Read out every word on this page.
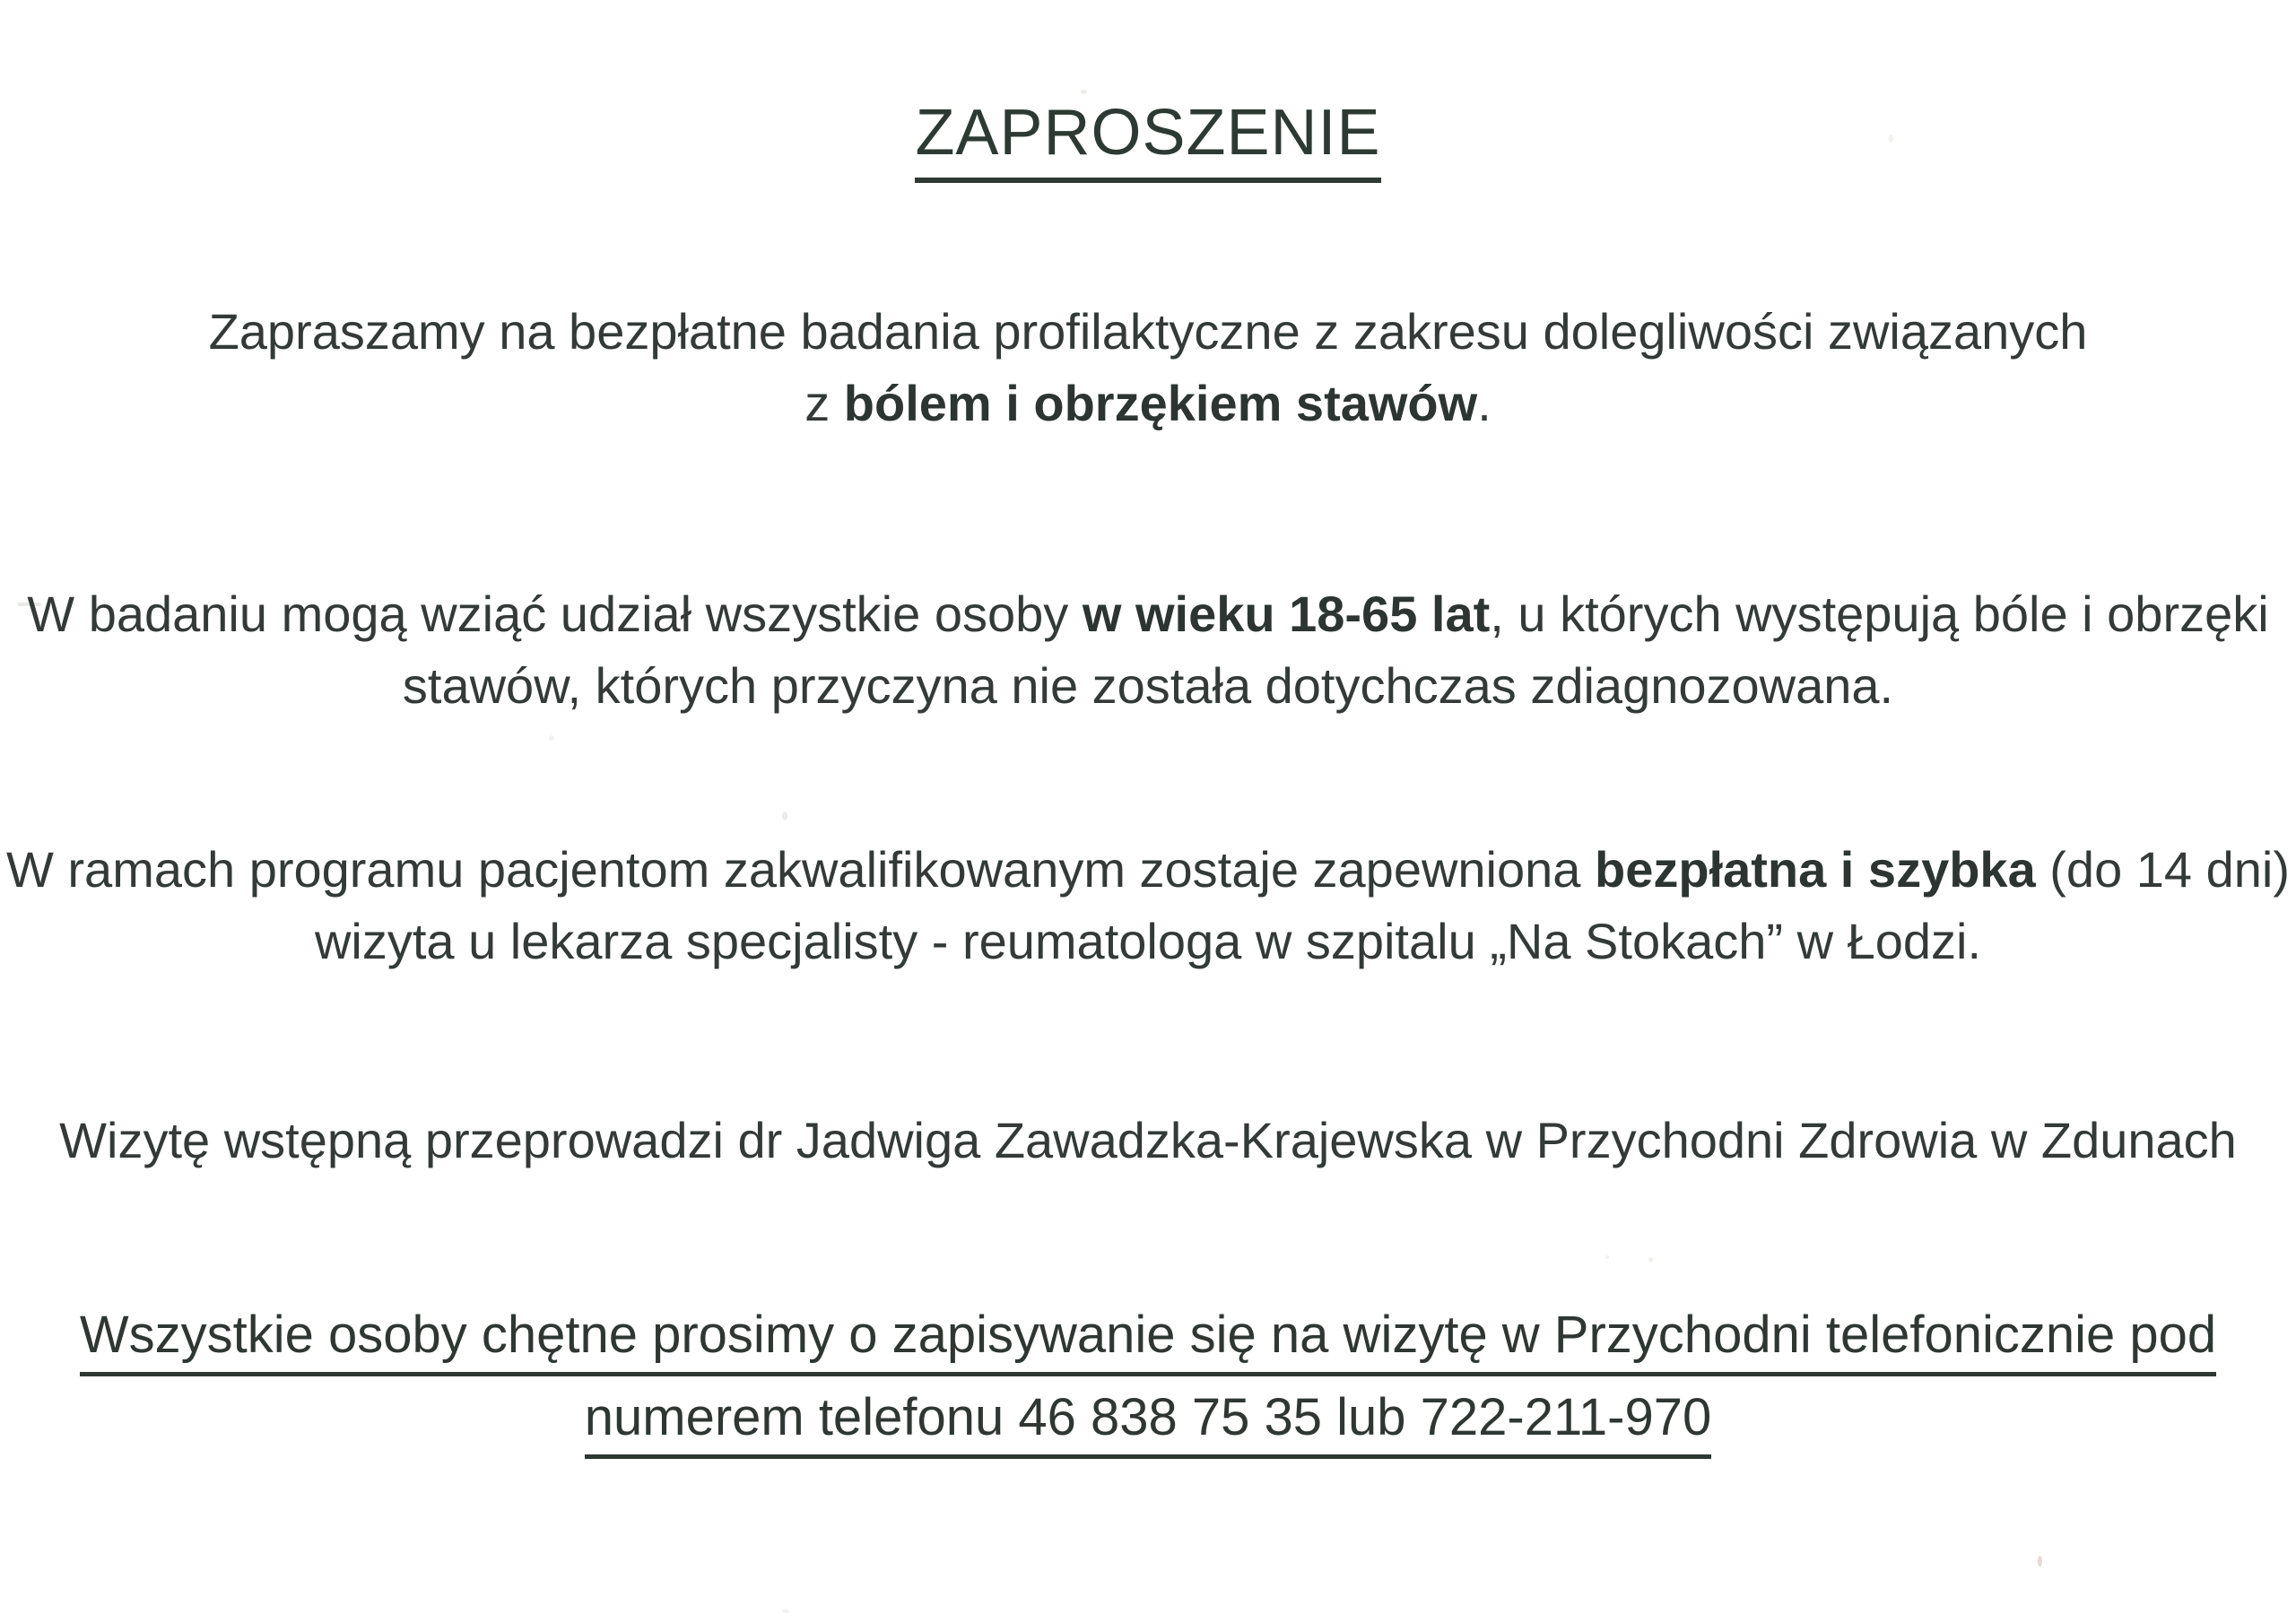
ZAPROSZENIE
Zapraszamy na bezpłatne badania profilaktyczne z zakresu dolegliwości związanych
z bólem i obrzękiem stawów.
W badaniu mogą wziąć udział wszystkie osoby w wieku 18-65 lat, u których występują bóle i obrzęki
stawów, których przyczyna nie została dotychczas zdiagnozowana.
W ramach programu pacjentom zakwalifikowanym zostaje zapewniona bezpłatna i szybka (do 14 dni)
wizyta u lekarza specjalisty - reumatologa w szpitalu „Na Stokach” w Łodzi.
Wizytę wstępną przeprowadzi dr Jadwiga Zawadzka-Krajewska w Przychodni Zdrowia w Zdunach
Wszystkie osoby chętne prosimy o zapisywanie się na wizytę w Przychodni telefonicznie pod
numerem telefonu 46 838 75 35 lub 722-211-970
